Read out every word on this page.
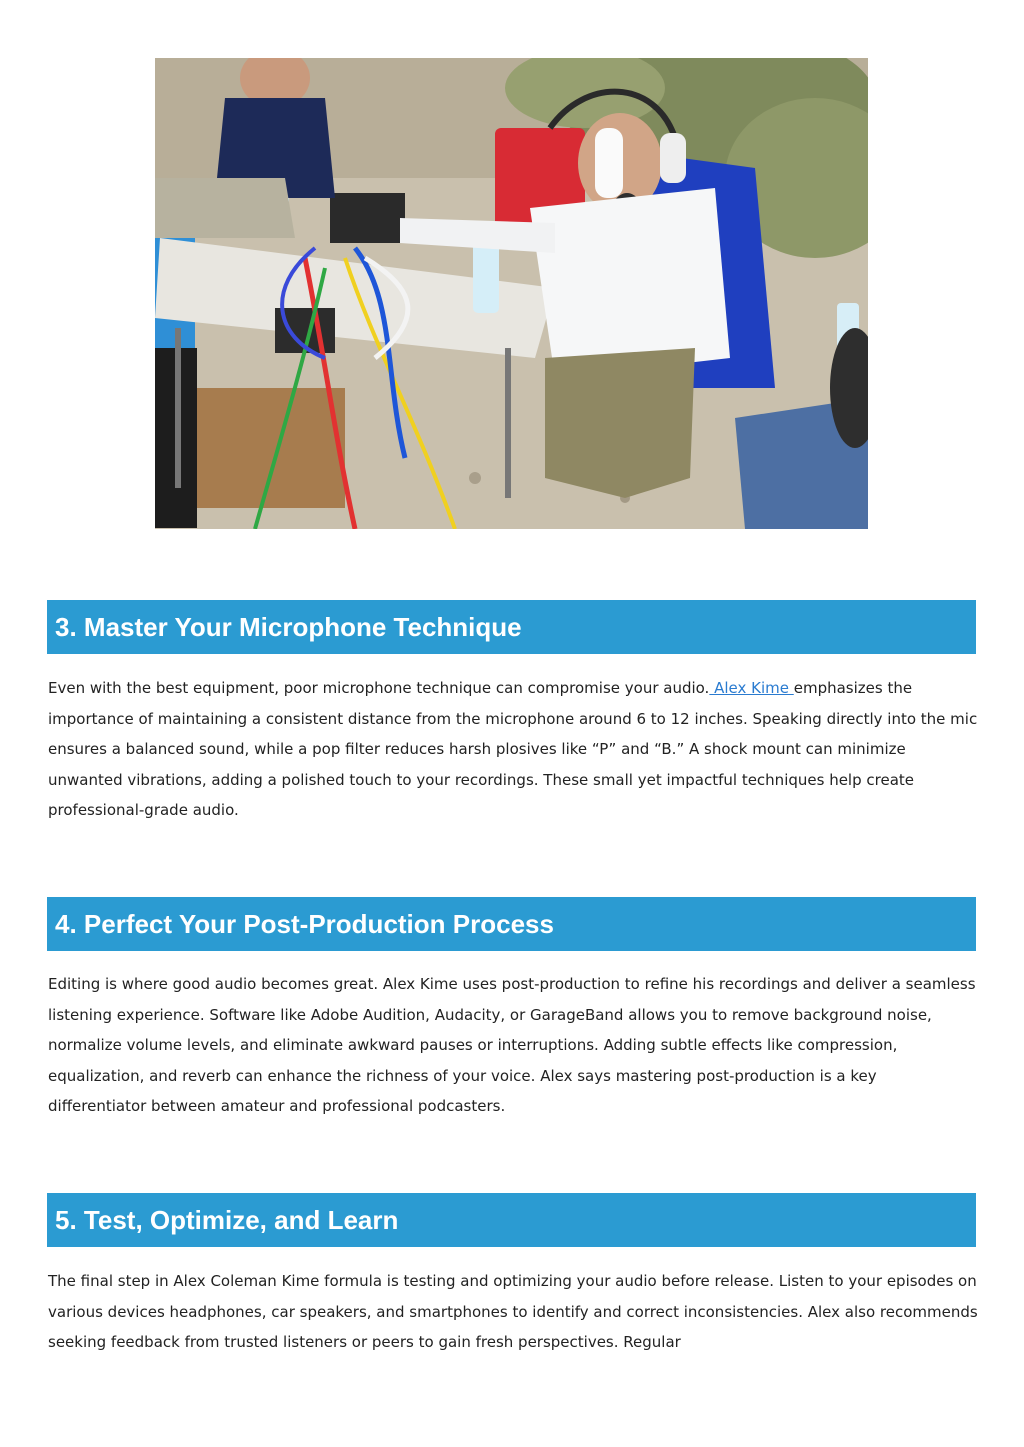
3. Master Your Microphone Technique

Even with the best equipment, poor microphone technique can compromise your audio. Alex Kime emphasizes the importance of maintaining a consistent distance from the microphone around 6 to 12 inches. Speaking directly into the mic ensures a balanced sound, while a pop filter reduces harsh plosives like “P” and “B.” A shock mount can minimize unwanted vibrations, adding a polished touch to your recordings. These small yet impactful techniques help create professional-grade audio.

4. Perfect Your Post-Production Process

Editing is where good audio becomes great. Alex Kime uses post-production to refine his recordings and deliver a seamless listening experience. Software like Adobe Audition, Audacity, or GarageBand allows you to remove background noise, normalize volume levels, and eliminate awkward pauses or interruptions. Adding subtle effects like compression, equalization, and reverb can enhance the richness of your voice. Alex says mastering post-production is a key differentiator between amateur and professional podcasters.

5. Test, Optimize, and Learn

The final step in Alex Coleman Kime formula is testing and optimizing your audio before release. Listen to your episodes on various devices headphones, car speakers, and smartphones to identify and correct inconsistencies. Alex also recommends seeking feedback from trusted listeners or peers to gain fresh perspectives. Regular
